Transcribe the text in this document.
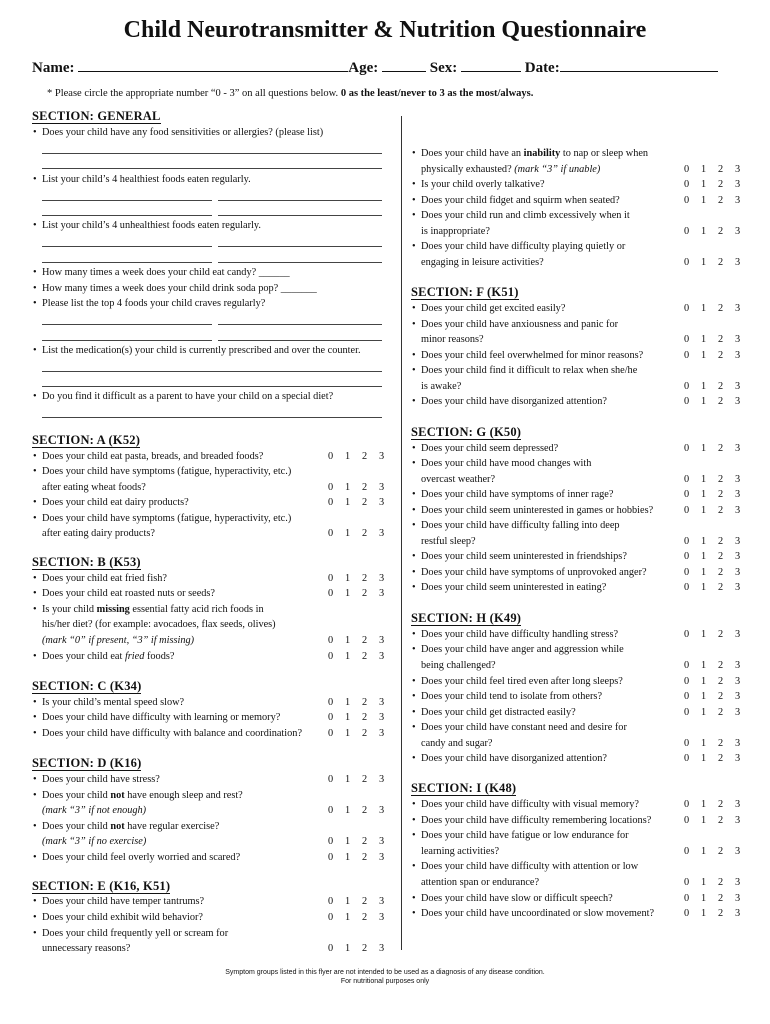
Child Neurotransmitter & Nutrition Questionnaire
Name:	Age:	Sex:	Date:
* Please circle the appropriate number “0 - 3” on all questions below. 0 as the least/never to 3 as the most/always.
SECTION: GENERAL
• Does your child have any food sensitivities or allergies? (please list)
• List your child’s 4 healthiest foods eaten regularly.
• List your child’s 4 unhealthiest foods eaten regularly.
• How many times a week does your child eat candy? ______
• How many times a week does your child drink soda pop? _______
• Please list the top 4 foods your child craves regularly?
• List the medication(s) your child is currently prescribed and over the counter.
• Do you find it difficult as a parent to have your child on a special diet?
SECTION: A (K52)
• Does your child eat pasta, breads, and breaded foods?	0 1 2 3
• Does your child have symptoms (fatigue, hyperactivity, etc.)
after eating wheat foods?	0 1 2 3
• Does your child eat dairy products?	0 1 2 3
• Does your child have symptoms (fatigue, hyperactivity, etc.)
after eating dairy products?	0 1 2 3
SECTION: B (K53)
• Does your child eat fried fish?	0 1 2 3
• Does your child eat roasted nuts or seeds?	0 1 2 3
• Is your child missing essential fatty acid rich foods in
his/her diet? (for example: avocadoes, flax seeds, olives)
(mark “0” if present, “3” if missing)	0 1 2 3
• Does your child eat fried foods?	0 1 2 3
SECTION: C (K34)
• Is your child’s mental speed slow?	0 1 2 3
• Does your child have difficulty with learning or memory?	0 1 2 3
• Does your child have difficulty with balance and coordination?	0 1 2 3
SECTION: D (K16)
• Does your child have stress?	0 1 2 3
• Does your child not have enough sleep and rest?
(mark “3” if not enough)	0 1 2 3
• Does your child not have regular exercise?
(mark “3” if no exercise)	0 1 2 3
• Does your child feel overly worried and scared?	0 1 2 3
SECTION: E (K16, K51)
• Does your child have temper tantrums?	0 1 2 3
• Does your child exhibit wild behavior?	0 1 2 3
• Does your child frequently yell or scream for
unnecessary reasons?	0 1 2 3
• Does your child have an inability to nap or sleep when
physically exhausted? (mark “3” if unable)	0 1 2 3
• Is your child overly talkative?	0 1 2 3
• Does your child fidget and squirm when seated?	0 1 2 3
• Does your child run and climb excessively when it
is inappropriate?	0 1 2 3
• Does your child have difficulty playing quietly or
engaging in leisure activities?	0 1 2 3
SECTION: F (K51)
• Does your child get excited easily?	0 1 2 3
• Does your child have anxiousness and panic for
minor reasons?	0 1 2 3
• Does your child feel overwhelmed for minor reasons?	0 1 2 3
• Does your child find it difficult to relax when she/he
is awake?	0 1 2 3
• Does your child have disorganized attention?	0 1 2 3
SECTION: G (K50)
• Does your child seem depressed?	0 1 2 3
• Does your child have mood changes with
overcast weather?	0 1 2 3
• Does your child have symptoms of inner rage?	0 1 2 3
• Does your child seem uninterested in games or hobbies?	0 1 2 3
• Does your child have difficulty falling into deep
restful sleep?	0 1 2 3
• Does your child seem uninterested in friendships?	0 1 2 3
• Does your child have symptoms of unprovoked anger?	0 1 2 3
• Does your child seem uninterested in eating?	0 1 2 3
SECTION: H (K49)
• Does your child have difficulty handling stress?	0 1 2 3
• Does your child have anger and aggression while
being challenged?	0 1 2 3
• Does your child feel tired even after long sleeps?	0 1 2 3
• Does your child tend to isolate from others?	0 1 2 3
• Does your child get distracted easily?	0 1 2 3
• Does your child have constant need and desire for
candy and sugar?	0 1 2 3
• Does your child have disorganized attention?	0 1 2 3
SECTION: I (K48)
• Does your child have difficulty with visual memory?	0 1 2 3
• Does your child have difficulty remembering locations?	0 1 2 3
• Does your child have fatigue or low endurance for
learning activities?	0 1 2 3
• Does your child have difficulty with attention or low
attention span or endurance?	0 1 2 3
• Does your child have slow or difficult speech?	0 1 2 3
• Does your child have uncoordinated or slow movement?	0 1 2 3
Symptom groups listed in this flyer are not intended to be used as a diagnosis of any disease condition.
For nutritional purposes only
